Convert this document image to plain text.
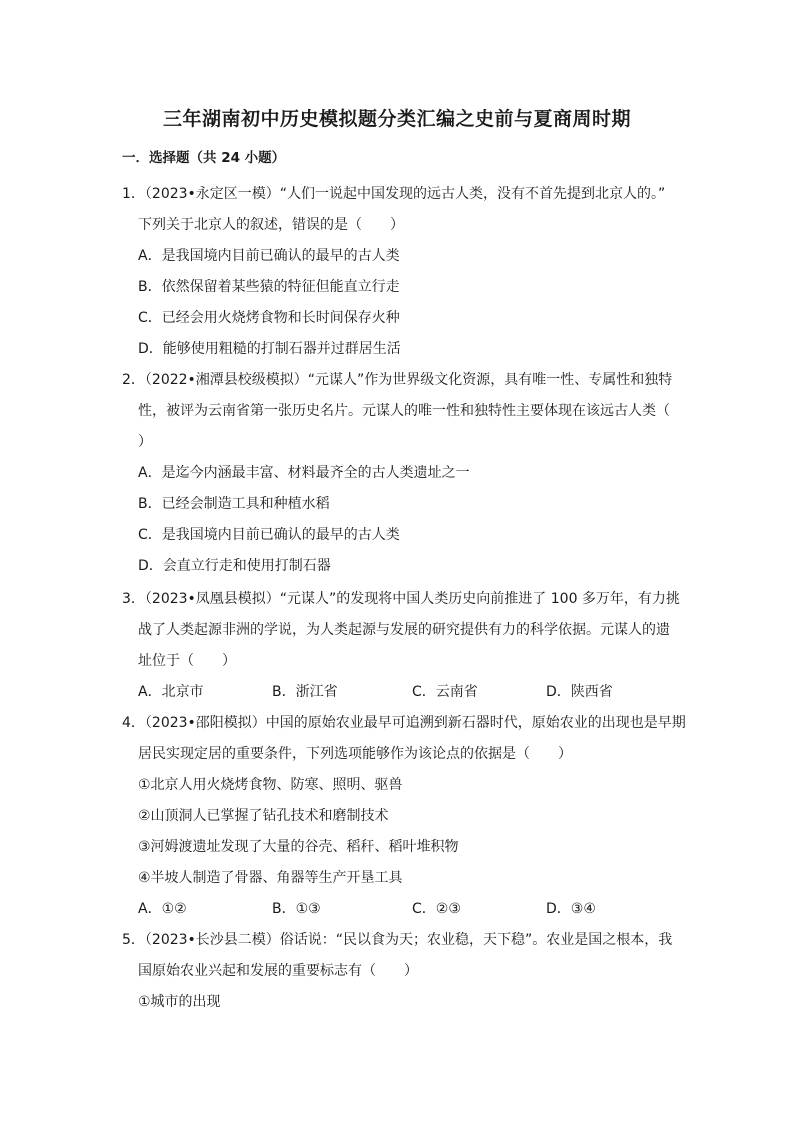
三年湖南初中历史模拟题分类汇编之史前与夏商周时期
一．选择题（共 24 小题）
1．（2023•永定区一模）“人们一说起中国发现的远古人类，没有不首先提到北京人的。”
下列关于北京人的叙述，错误的是（　　）
A．是我国境内目前已确认的最早的古人类
B．依然保留着某些猿的特征但能直立行走
C．已经会用火烧烤食物和长时间保存火种
D．能够使用粗糙的打制石器并过群居生活
2．（2022•湘潭县校级模拟）“元谋人”作为世界级文化资源，具有唯一性、专属性和独特
性，被评为云南省第一张历史名片。元谋人的唯一性和独特性主要体现在该远古人类（
）
A．是迄今内涵最丰富、材料最齐全的古人类遗址之一
B．已经会制造工具和种植水稻
C．是我国境内目前已确认的最早的古人类
D．会直立行走和使用打制石器
3．（2023•凤凰县模拟）“元谋人”的发现将中国人类历史向前推进了 100 多万年，有力挑
战了人类起源非洲的学说，为人类起源与发展的研究提供有力的科学依据。元谋人的遗
址位于（　　）
A．北京市	B．浙江省	C．云南省	D．陕西省
4．（2023•邵阳模拟）中国的原始农业最早可追溯到新石器时代，原始农业的出现也是早期
居民实现定居的重要条件，下列选项能够作为该论点的依据是（　　）
①北京人用火烧烤食物、防寒、照明、驱兽
②山顶洞人已掌握了钻孔技术和磨制技术
③河姆渡遗址发现了大量的谷壳、稻秆、稻叶堆积物
④半坡人制造了骨器、角器等生产开垦工具
A．①②	B．①③	C．②③	D．③④
5．（2023•长沙县二模）俗话说：“民以食为天；农业稳，天下稳”。农业是国之根本，我
国原始农业兴起和发展的重要标志有（　　）
①城市的出现
